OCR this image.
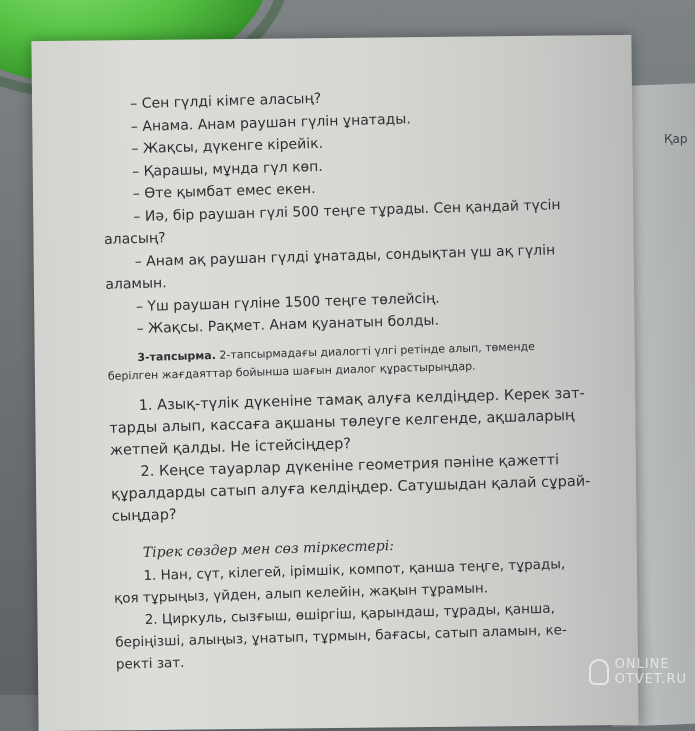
Қар
– Сен гүлді кімге аласың?
– Анама. Анам раушан гүлін ұнатады.
– Жақсы, дүкенге кірейік.
– Қарашы, мұнда гүл көп.
– Өте қымбат емес екен.
– Иә, бір раушан гүлі 500 теңге тұрады. Сен қандай түсін
аласың?
– Анам ақ раушан гүлді ұнатады, сондықтан үш ақ гүлін
аламын.
– Үш раушан гүліне 1500 теңге төлейсің.
– Жақсы. Рақмет. Анам қуанатын болды.
3-тапсырма. 2-тапсырмадағы диалогті үлгі ретінде алып, төменде
берілген жағдаяттар бойынша шағын диалог құрастырыңдар.
1. Азық-түлік дүкеніне тамақ алуға келдіңдер. Керек зат-
тарды алып, кассаға ақшаны төлеуге келгенде, ақшаларың
жетпей қалды. Не істейсіңдер?
2. Кеңсе тауарлар дүкеніне геометрия пәніне қажетті
құралдарды сатып алуға келдіңдер. Сатушыдан қалай сұрай-
сыңдар?
Тірек сөздер мен сөз тіркестері:
1. Нан, сүт, кілегей, ірімшік, компот, қанша теңге, тұрады,
қоя тұрыңыз, үйден, алып келейін, жақын тұрамын.
2. Циркуль, сызғыш, өшіргіш, қарындаш, тұрады, қанша,
беріңізші, алыңыз, ұнатып, тұрмын, бағасы, сатып аламын, ке-
ректі зат.	ONLINE
OTVET.RU
